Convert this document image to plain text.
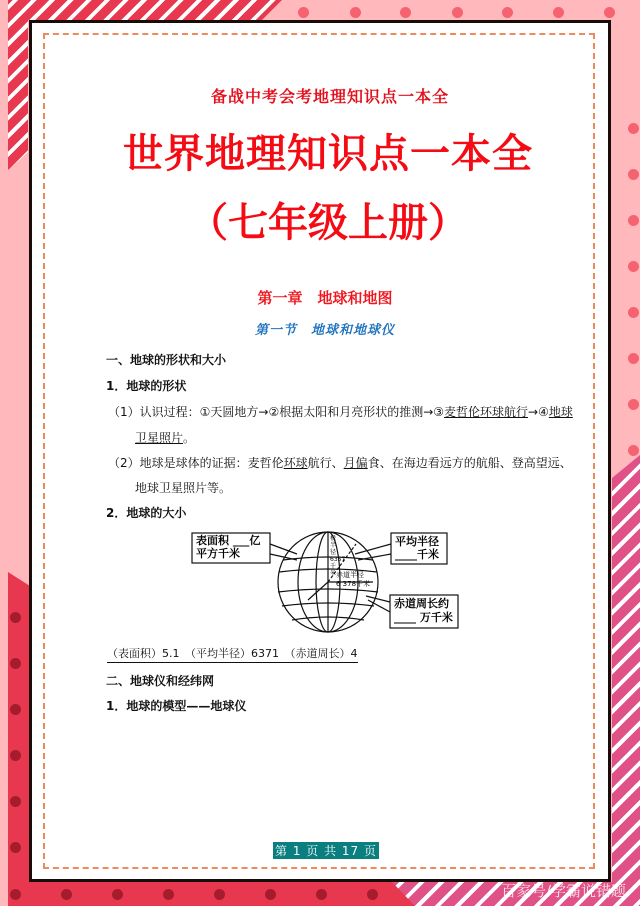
备战中考会考地理知识点一本全
世界地理知识点一本全
（七年级上册）
第一章　地球和地图
第一节　地球和地球仪
一、地球的形状和大小
1．地球的形状
（1）认识过程：①天圆地方→②根据太阳和月亮形状的推测→③麦哲伦环球航行→④地球
卫星照片。
（2）地球是球体的证据：麦哲伦环球航行、月偏食、在海边看远方的航船、登高望远、
地球卫星照片等。
2．地球的大小
表面积 ___亿
平方千米
平均半径
____千米
赤道周长约
____ 万千米
极半径6357千米 赤道半径
6 378千米
（表面积）5.1　（平均半径）6371　（赤道周长）4
二、地球仪和经纬网
1．地球的模型——地球仪
第 1 页 共 17 页
百家号/学霸说错题
